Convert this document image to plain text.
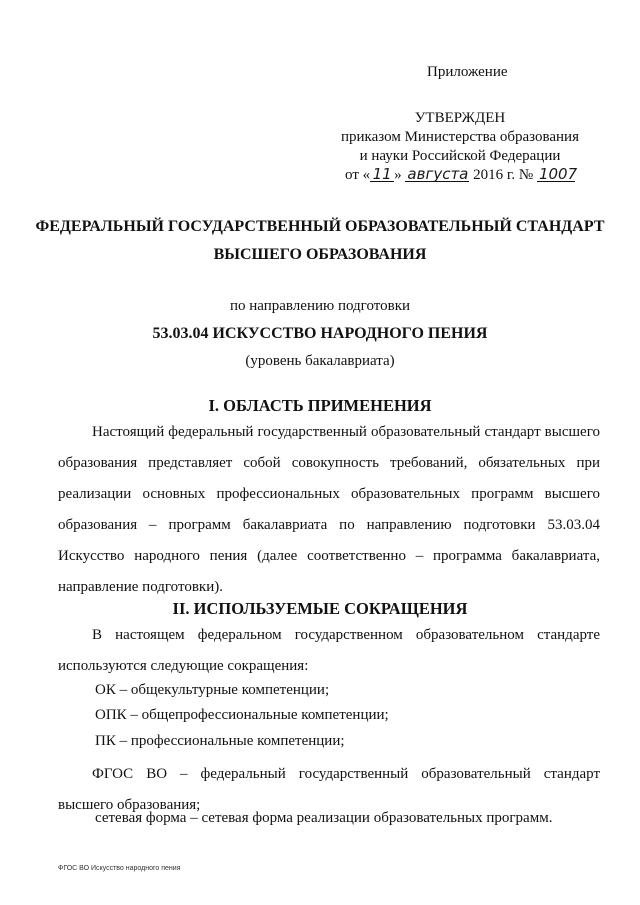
Приложение
УТВЕРЖДЕН
приказом Министерства образования
и науки Российской Федерации
от « 11 » августа 2016 г. № 1007
ФЕДЕРАЛЬНЫЙ ГОСУДАРСТВЕННЫЙ ОБРАЗОВАТЕЛЬНЫЙ СТАНДАРТ
ВЫСШЕГО ОБРАЗОВАНИЯ
по направлению подготовки
53.03.04 ИСКУССТВО НАРОДНОГО ПЕНИЯ
(уровень бакалавриата)
I. ОБЛАСТЬ ПРИМЕНЕНИЯ
Настоящий федеральный государственный образовательный стандарт высшего образования представляет собой совокупность требований, обязательных при реализации основных профессиональных образовательных программ высшего образования – программ бакалавриата по направлению подготовки 53.03.04 Искусство народного пения (далее соответственно – программа бакалавриата, направление подготовки).
II. ИСПОЛЬЗУЕМЫЕ СОКРАЩЕНИЯ
В настоящем федеральном государственном образовательном стандарте используются следующие сокращения:
ОК – общекультурные компетенции;
ОПК – общепрофессиональные компетенции;
ПК – профессиональные компетенции;
ФГОС ВО – федеральный государственный образовательный стандарт высшего образования;
сетевая форма – сетевая форма реализации образовательных программ.
ФГОС ВО Искусство народного пения
